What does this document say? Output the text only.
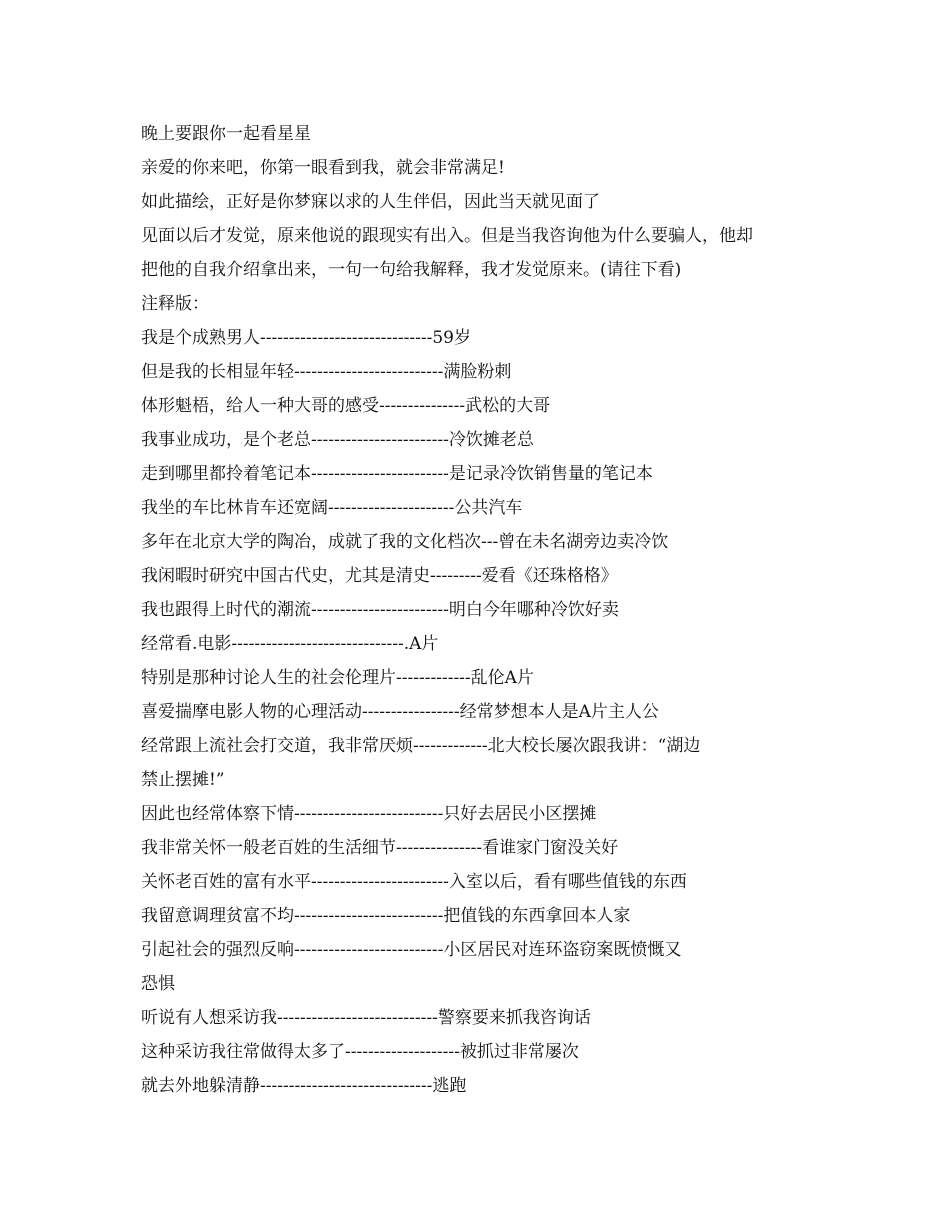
晚上要跟你一起看星星

亲爱的你来吧，你第一眼看到我，就会非常满足!

如此描绘，正好是你梦寐以求的人生伴侣，因此当天就见面了

见面以后才发觉，原来他说的跟现实有出入。但是当我咨询他为什么要骗人，他却

把他的自我介绍拿出来，一句一句给我解释，我才发觉原来。(请往下看)

注释版：

我是个成熟男人------------------------------59岁

但是我的长相显年轻--------------------------满脸粉刺

体形魁梧，给人一种大哥的感受---------------武松的大哥

我事业成功，是个老总------------------------冷饮摊老总

走到哪里都拎着笔记本------------------------是记录冷饮销售量的笔记本

我坐的车比林肯车还宽阔----------------------公共汽车

多年在北京大学的陶冶，成就了我的文化档次---曾在未名湖旁边卖冷饮

我闲暇时研究中国古代史，尤其是清史---------爱看《还珠格格》

我也跟得上时代的潮流------------------------明白今年哪种冷饮好卖

经常看.电影------------------------------.A片

特别是那种讨论人生的社会伦理片-------------乱伦A片

喜爱揣摩电影人物的心理活动-----------------经常梦想本人是A片主人公

经常跟上流社会打交道，我非常厌烦-------------北大校长屡次跟我讲：“湖边

禁止摆摊!”

因此也经常体察下情--------------------------只好去居民小区摆摊

我非常关怀一般老百姓的生活细节---------------看谁家门窗没关好

关怀老百姓的富有水平------------------------入室以后，看有哪些值钱的东西

我留意调理贫富不均--------------------------把值钱的东西拿回本人家

引起社会的强烈反响--------------------------小区居民对连环盗窃案既愤慨又

恐惧

听说有人想采访我----------------------------警察要来抓我咨询话

这种采访我往常做得太多了--------------------被抓过非常屡次

就去外地躲清静------------------------------逃跑
